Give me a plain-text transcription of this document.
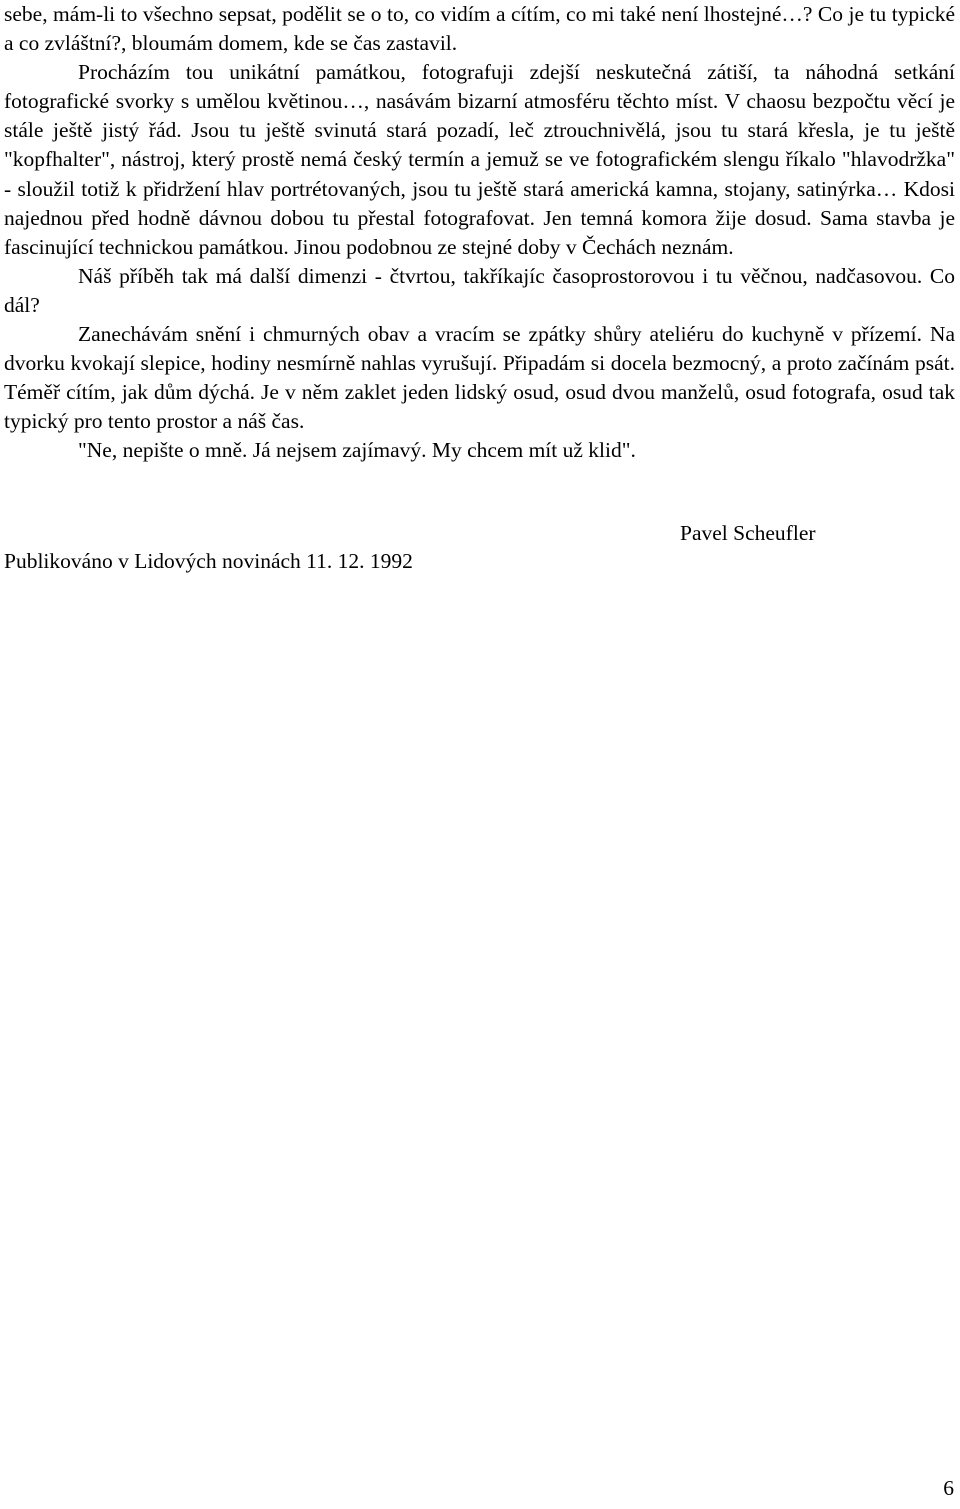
sebe, mám-li to všechno sepsat, podělit se o to, co vidím a cítím, co mi také není lhostejné…? Co je tu typické a co zvláštní?, bloumám domem, kde se čas zastavil.

Procházím tou unikátní památkou, fotografuji zdejší neskutečná zátiší, ta náhodná setkání fotografické svorky s umělou květinou…, nasávám bizarní atmosféru těchto míst. V chaosu bezpočtu věcí je stále ještě jistý řád. Jsou tu ještě svinutá stará pozadí, leč ztrouchnivělá, jsou tu stará křesla, je tu ještě "kopfhalter", nástroj, který prostě nemá český termín a jemuž se ve fotografickém slengu říkalo "hlavodržka" - sloužil totiž k přidržení hlav portrétovaných, jsou tu ještě stará americká kamna, stojany, satinýrka… Kdosi najednou před hodně dávnou dobou tu přestal fotografovat. Jen temná komora žije dosud. Sama stavba je fascinující technickou památkou. Jinou podobnou ze stejné doby v Čechách neznám.

Náš příběh tak má další dimenzi - čtvrtou, takříkajíc časoprostorovou i tu věčnou, nadčasovou. Co dál?

Zanechávám snění i chmurných obav a vracím se zpátky shůry ateliéru do kuchyně v přízemí. Na dvorku kvokají slepice, hodiny nesmírně nahlas vyrušují. Připadám si docela bezmocný, a proto začínám psát. Téměř cítím, jak dům dýchá. Je v něm zaklet jeden lidský osud, osud dvou manželů, osud fotografa, osud tak typický pro tento prostor a náš čas.

"Ne, nepište o mně. Já nejsem zajímavý. My chcem mít už klid".

Pavel Scheufler
Publikováno v Lidových novinách 11. 12. 1992
6
